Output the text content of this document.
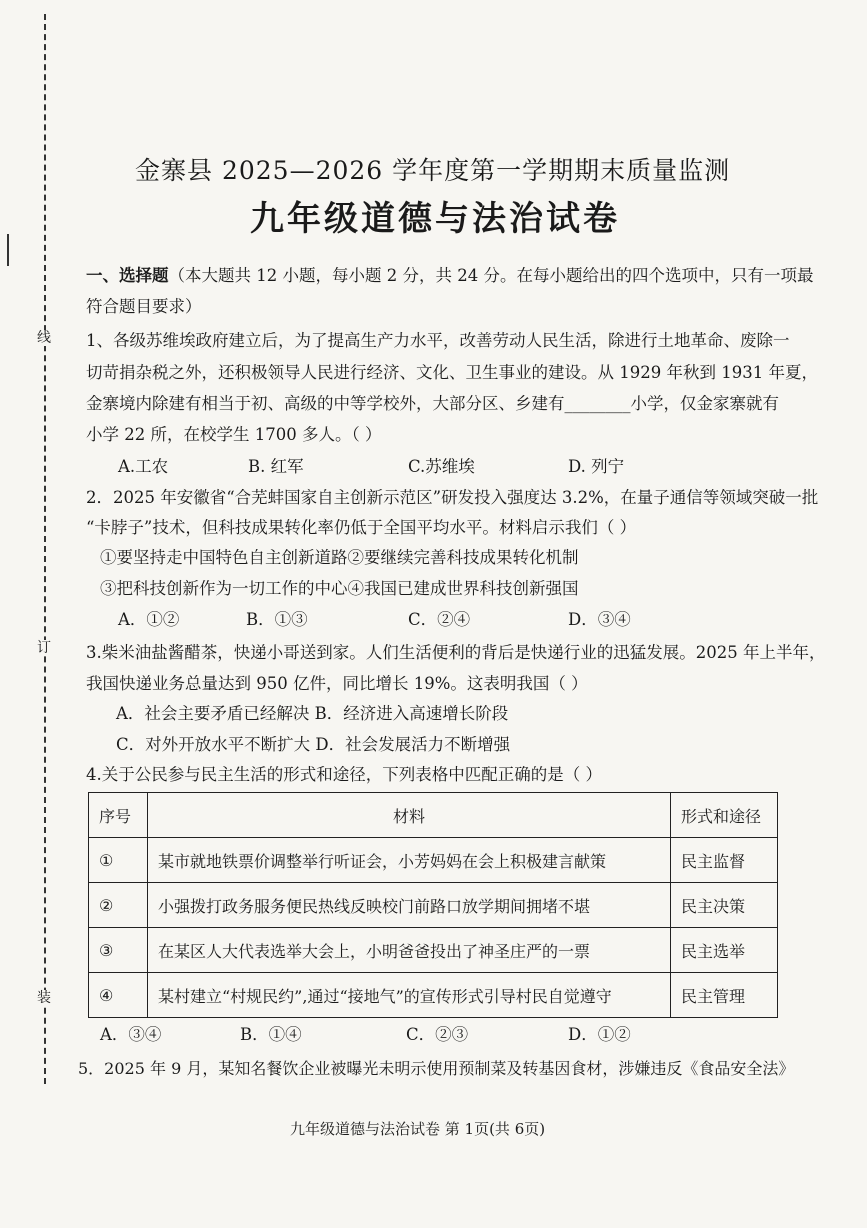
线
订
装
金寨县 2025—2026 学年度第一学期期末质量监测
九年级道德与法治试卷
一、选择题（本大题共 12 小题，每小题 2 分，共 24 分。在每小题给出的四个选项中，只有一项最
符合题目要求）
1、各级苏维埃政府建立后，为了提高生产力水平，改善劳动人民生活，除进行土地革命、废除一
切苛捐杂税之外，还积极领导人民进行经济、文化、卫生事业的建设。从 1929 年秋到 1931 年夏，
金寨境内除建有相当于初、高级的中等学校外，大部分区、乡建有________小学，仅金家寨就有
小学 22 所，在校学生 1700 多人。（ ）
A.工农	B. 红军	C.苏维埃	D. 列宁
2．2025 年安徽省“合芜蚌国家自主创新示范区”研发投入强度达 3.2%，在量子通信等领域突破一批
“卡脖子”技术，但科技成果转化率仍低于全国平均水平。材料启示我们（ ）
①要坚持走中国特色自主创新道路②要继续完善科技成果转化机制
③把科技创新作为一切工作的中心④我国已建成世界科技创新强国
A．①②	B．①③	C．②④	D．③④
3.柴米油盐酱醋茶，快递小哥送到家。人们生活便利的背后是快递行业的迅猛发展。2025 年上半年，
我国快递业务总量达到 950 亿件，同比增长 19%。这表明我国（ ）
A．社会主要矛盾已经解决 B．经济进入高速增长阶段
C．对外开放水平不断扩大 D．社会发展活力不断增强
4.关于公民参与民主生活的形式和途径，下列表格中匹配正确的是（ ）
序号	材料	形式和途径
①	某市就地铁票价调整举行听证会，小芳妈妈在会上积极建言献策	民主监督
②	小强拨打政务服务便民热线反映校门前路口放学期间拥堵不堪	民主决策
③	在某区人大代表选举大会上，小明爸爸投出了神圣庄严的一票	民主选举
④	某村建立“村规民约”,通过“接地气”的宣传形式引导村民自觉遵守	民主管理
A．③④	B．①④	C．②③	D．①②
5．2025 年 9 月，某知名餐饮企业被曝光未明示使用预制菜及转基因食材，涉嫌违反《食品安全法》
九年级道德与法治试卷 第 1页(共 6页)
